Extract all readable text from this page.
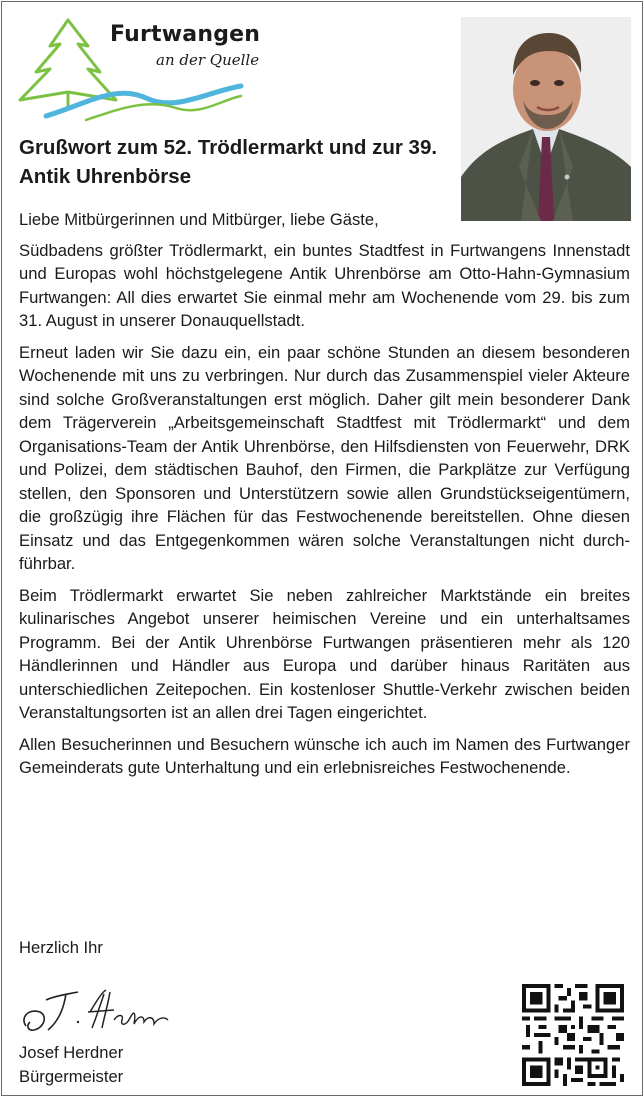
Furtwangen
an der Quelle
Grußwort zum 52. Trödlermarkt und zur 39. Antik Uhrenbörse

Liebe Mitbürgerinnen und Mitbürger, liebe Gäste,

Südbadens größter Trödlermarkt, ein buntes Stadtfest in Furtwangens Innenstadt und Europas wohl höchstgelegene Antik Uhrenbörse am Otto-Hahn-Gymnasium Furtwangen: All dies erwartet Sie einmal mehr am Wochenende vom 29. bis zum 31. August in unserer Donauquellstadt.

Erneut laden wir Sie dazu ein, ein paar schöne Stunden an diesem besonderen Wochenende mit uns zu verbringen. Nur durch das Zusammenspiel vieler Akteure sind solche Großveranstaltungen erst möglich. Daher gilt mein besonderer Dank dem Trägerverein „Arbeitsgemeinschaft Stadtfest mit Trödlermarkt“ und dem Organisations-Team der Antik Uhrenbörse, den Hilfsdiensten von Feuerwehr, DRK und Polizei, dem städtischen Bauhof, den Firmen, die Parkplätze zur Verfügung stellen, den Sponsoren und Unterstützern sowie allen Grundstückseigentümern, die großzügig ihre Flächen für das Festwochenende bereitstellen. Ohne diesen Einsatz und das Entgegenkommen wären solche Veranstaltungen nicht durchführbar.

Beim Trödlermarkt erwartet Sie neben zahlreicher Marktstände ein breites kulinarisches Angebot unserer heimischen Vereine und ein unterhaltsames Programm. Bei der Antik Uhrenbörse Furtwangen präsentieren mehr als 120 Händlerinnen und Händler aus Europa und darüber hinaus Raritäten aus unterschiedlichen Zeitepochen. Ein kostenloser Shuttle-Verkehr zwischen beiden Veranstaltungsorten ist an allen drei Tagen eingerichtet.

Allen Besucherinnen und Besuchern wünsche ich auch im Namen des Furtwanger Gemeinderats gute Unterhaltung und ein erlebnisreiches Festwochenende.

Herzlich Ihr
Josef Herdner
Bürgermeister
